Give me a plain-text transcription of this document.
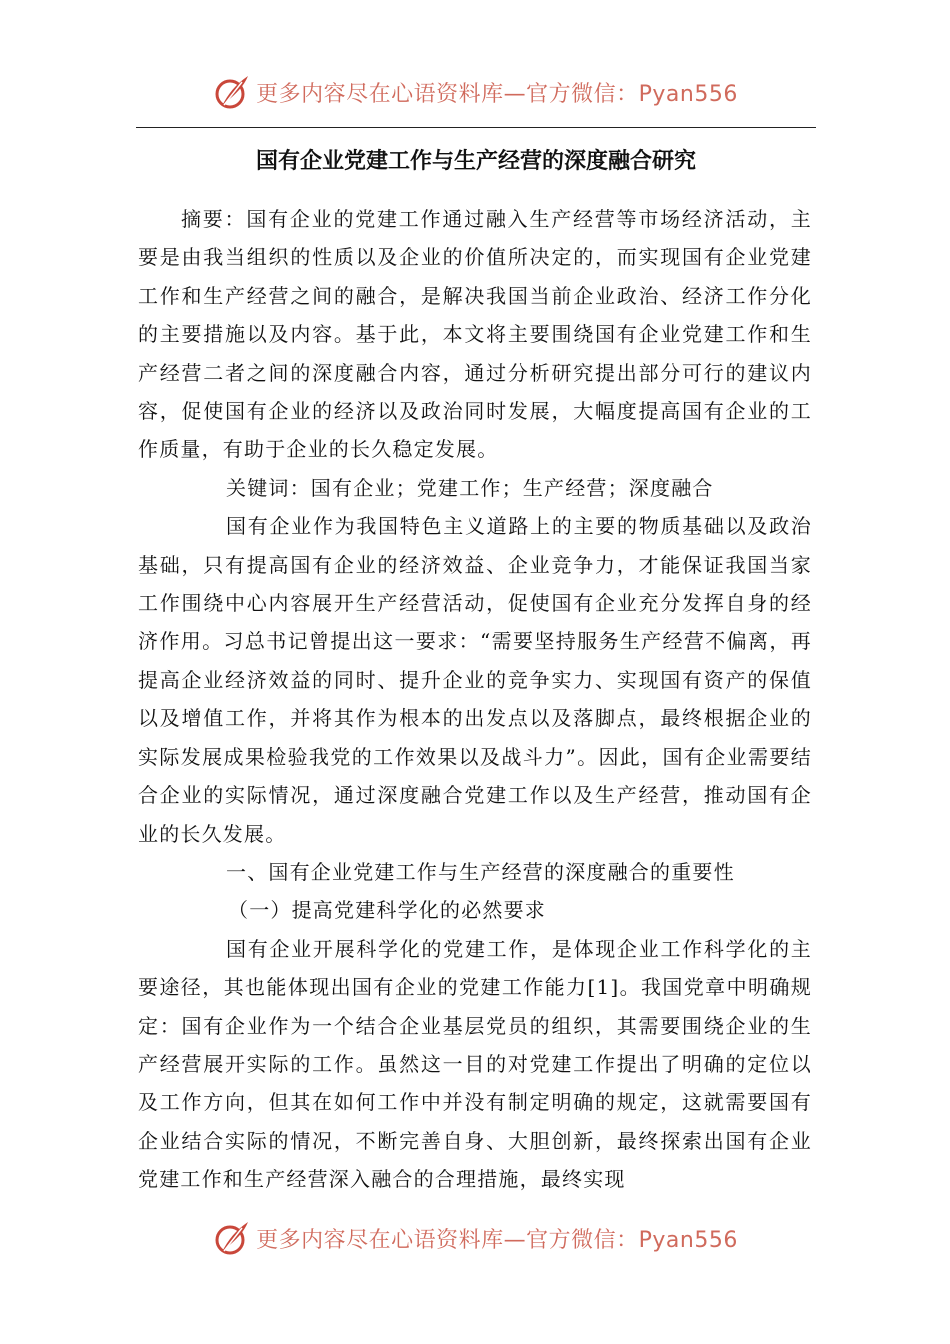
更多内容尽在心语资料库—官方微信：Pyan556
国有企业党建工作与生产经营的深度融合研究

摘要：国有企业的党建工作通过融入生产经营等市场经济活动，主要是由我当组织的性质以及企业的价值所决定的，而实现国有企业党建工作和生产经营之间的融合，是解决我国当前企业政治、经济工作分化的主要措施以及内容。基于此，本文将主要围绕国有企业党建工作和生产经营二者之间的深度融合内容，通过分析研究提出部分可行的建议内容，促使国有企业的经济以及政治同时发展，大幅度提高国有企业的工作质量，有助于企业的长久稳定发展。

关键词：国有企业；党建工作；生产经营；深度融合

国有企业作为我国特色主义道路上的主要的物质基础以及政治基础，只有提高国有企业的经济效益、企业竞争力，才能保证我国当家工作围绕中心内容展开生产经营活动，促使国有企业充分发挥自身的经济作用。习总书记曾提出这一要求：“需要坚持服务生产经营不偏离，再提高企业经济效益的同时、提升企业的竞争实力、实现国有资产的保值以及增值工作，并将其作为根本的出发点以及落脚点，最终根据企业的实际发展成果检验我党的工作效果以及战斗力”。因此，国有企业需要结合企业的实际情况，通过深度融合党建工作以及生产经营，推动国有企业的长久发展。

一、国有企业党建工作与生产经营的深度融合的重要性

（一）提高党建科学化的必然要求

国有企业开展科学化的党建工作，是体现企业工作科学化的主要途径，其也能体现出国有企业的党建工作能力[1]。我国党章中明确规定：国有企业作为一个结合企业基层党员的组织，其需要围绕企业的生产经营展开实际的工作。虽然这一目的对党建工作提出了明确的定位以及工作方向，但其在如何工作中并没有制定明确的规定，这就需要国有企业结合实际的情况，不断完善自身、大胆创新，最终探索出国有企业党建工作和生产经营深入融合的合理措施，最终实现

更多内容尽在心语资料库—官方微信：Pyan556
